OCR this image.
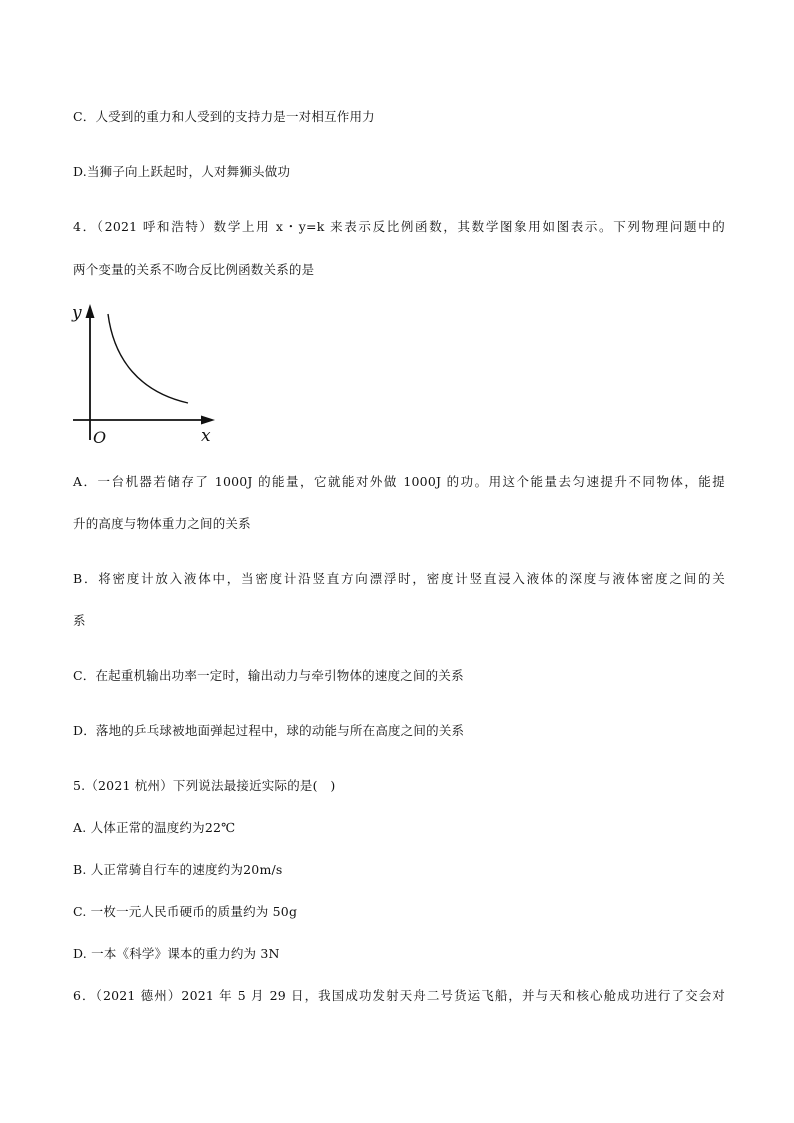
C．人受到的重力和人受到的支持力是一对相互作用力
D.当狮子向上跃起时，人对舞狮头做功
4．（2021 呼和浩特）数学上用 x・y=k 来表示反比例函数，其数学图象用如图表示。下列物理问题中的
两个变量的关系不吻合反比例函数关系的是
y
x
O
A．一台机器若储存了 1000J 的能量，它就能对外做 1000J 的功。用这个能量去匀速提升不同物体，能提
升的高度与物体重力之间的关系
B．将密度计放入液体中，当密度计沿竖直方向漂浮时，密度计竖直浸入液体的深度与液体密度之间的关
系
C．在起重机输出功率一定时，输出动力与牵引物体的速度之间的关系
D．落地的乒乓球被地面弹起过程中，球的动能与所在高度之间的关系
5.（2021 杭州）下列说法最接近实际的是(　)
A. 人体正常的温度约为22℃
B. 人正常骑自行车的速度约为20m/s
C. 一枚一元人民币硬币的质量约为 50g
D. 一本《科学》课本的重力约为 3N
6．（2021 德州）2021 年 5 月 29 日，我国成功发射天舟二号货运飞船，并与天和核心舱成功进行了交会对
